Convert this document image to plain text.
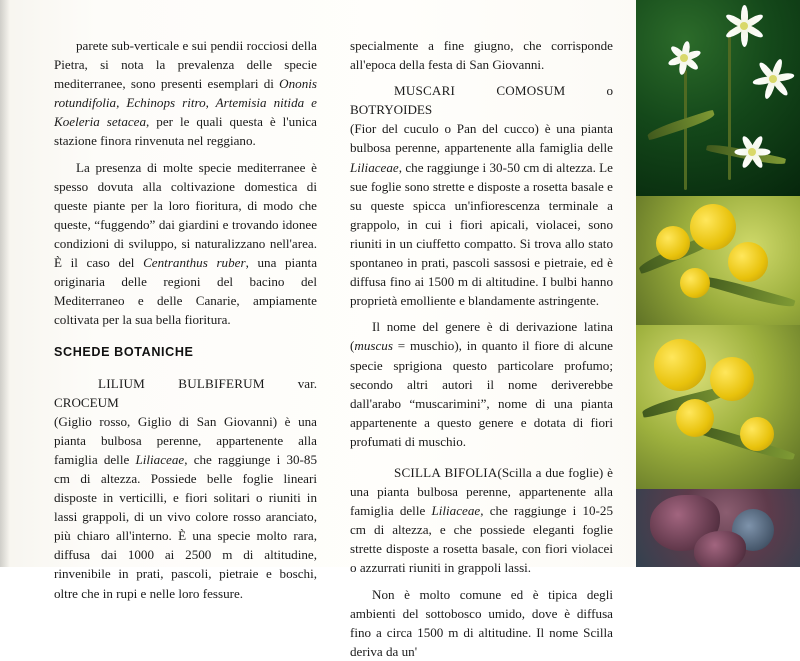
parete sub-verticale e sui pendii rocciosi della Pietra, si nota la prevalenza delle specie mediterranee, sono presenti esemplari di Ononis rotundifolia, Echinops ritro, Artemisia nitida e Koeleria setacea, per le quali questa è l'unica stazione finora rinvenuta nel reggiano.

La presenza di molte specie mediterranee è spesso dovuta alla coltivazione domestica di queste piante per la loro fioritura, di modo che queste, “fuggendo” dai giardini e trovando idonee condizioni di sviluppo, si naturalizzano nell'area. È il caso del Centranthus ruber, una pianta originaria delle regioni del bacino del Mediterraneo e delle Canarie, ampiamente coltivata per la sua bella fioritura.

SCHEDE BOTANICHE

LILIUM BULBIFERUM var. CROCEUM

(Giglio rosso, Giglio di San Giovanni) è una pianta bulbosa perenne, appartenente alla famiglia delle Liliaceae, che raggiunge i 30-85 cm di altezza. Possiede belle foglie lineari disposte in verticilli, e fiori solitari o riuniti in lassi grappoli, di un vivo colore rosso aranciato, più chiaro all'interno. È una specie molto rara, diffusa dai 1000 ai 2500 m di altitudine, rinvenibile in prati, pascoli, pietraie e boschi, oltre che in rupi e nelle loro fessure.

specialmente a fine giugno, che corrisponde all'epoca della festa di San Giovanni.

MUSCARI COMOSUM o BOTRYOIDES

(Fior del cuculo o Pan del cucco) è una pianta bulbosa perenne, appartenente alla famiglia delle Liliaceae, che raggiunge i 30-50 cm di altezza. Le sue foglie sono strette e disposte a rosetta basale e su queste spicca un'infiorescenza terminale a grappolo, in cui i fiori apicali, violacei, sono riuniti in un ciuffetto compatto. Si trova allo stato spontaneo in prati, pascoli sassosi e pietraie, ed è diffusa fino ai 1500 m di altitudine. I bulbi hanno proprietà emolliente e blandamente astringente.

Il nome del genere è di derivazione latina (muscus = muschio), in quanto il fiore di alcune specie sprigiona questo particolare profumo; secondo altri autori il nome deriverebbe dall'arabo “muscarimini”, nome di una pianta appartenente a questo genere e dotata di fiori profumati di muschio.

SCILLA BIFOLIA(Scilla a due foglie) è una pianta bulbosa perenne, appartenente alla famiglia delle Liliaceae, che raggiunge i 10-25 cm di altezza, e che possiede eleganti foglie strette disposte a rosetta basale, con fiori violacei o azzurrati riuniti in grappoli lassi.

Non è molto comune ed è tipica degli ambienti del sottobosco umido, dove è diffusa fino a circa 1500 m di altitudine. Il nome Scilla deriva da un'
